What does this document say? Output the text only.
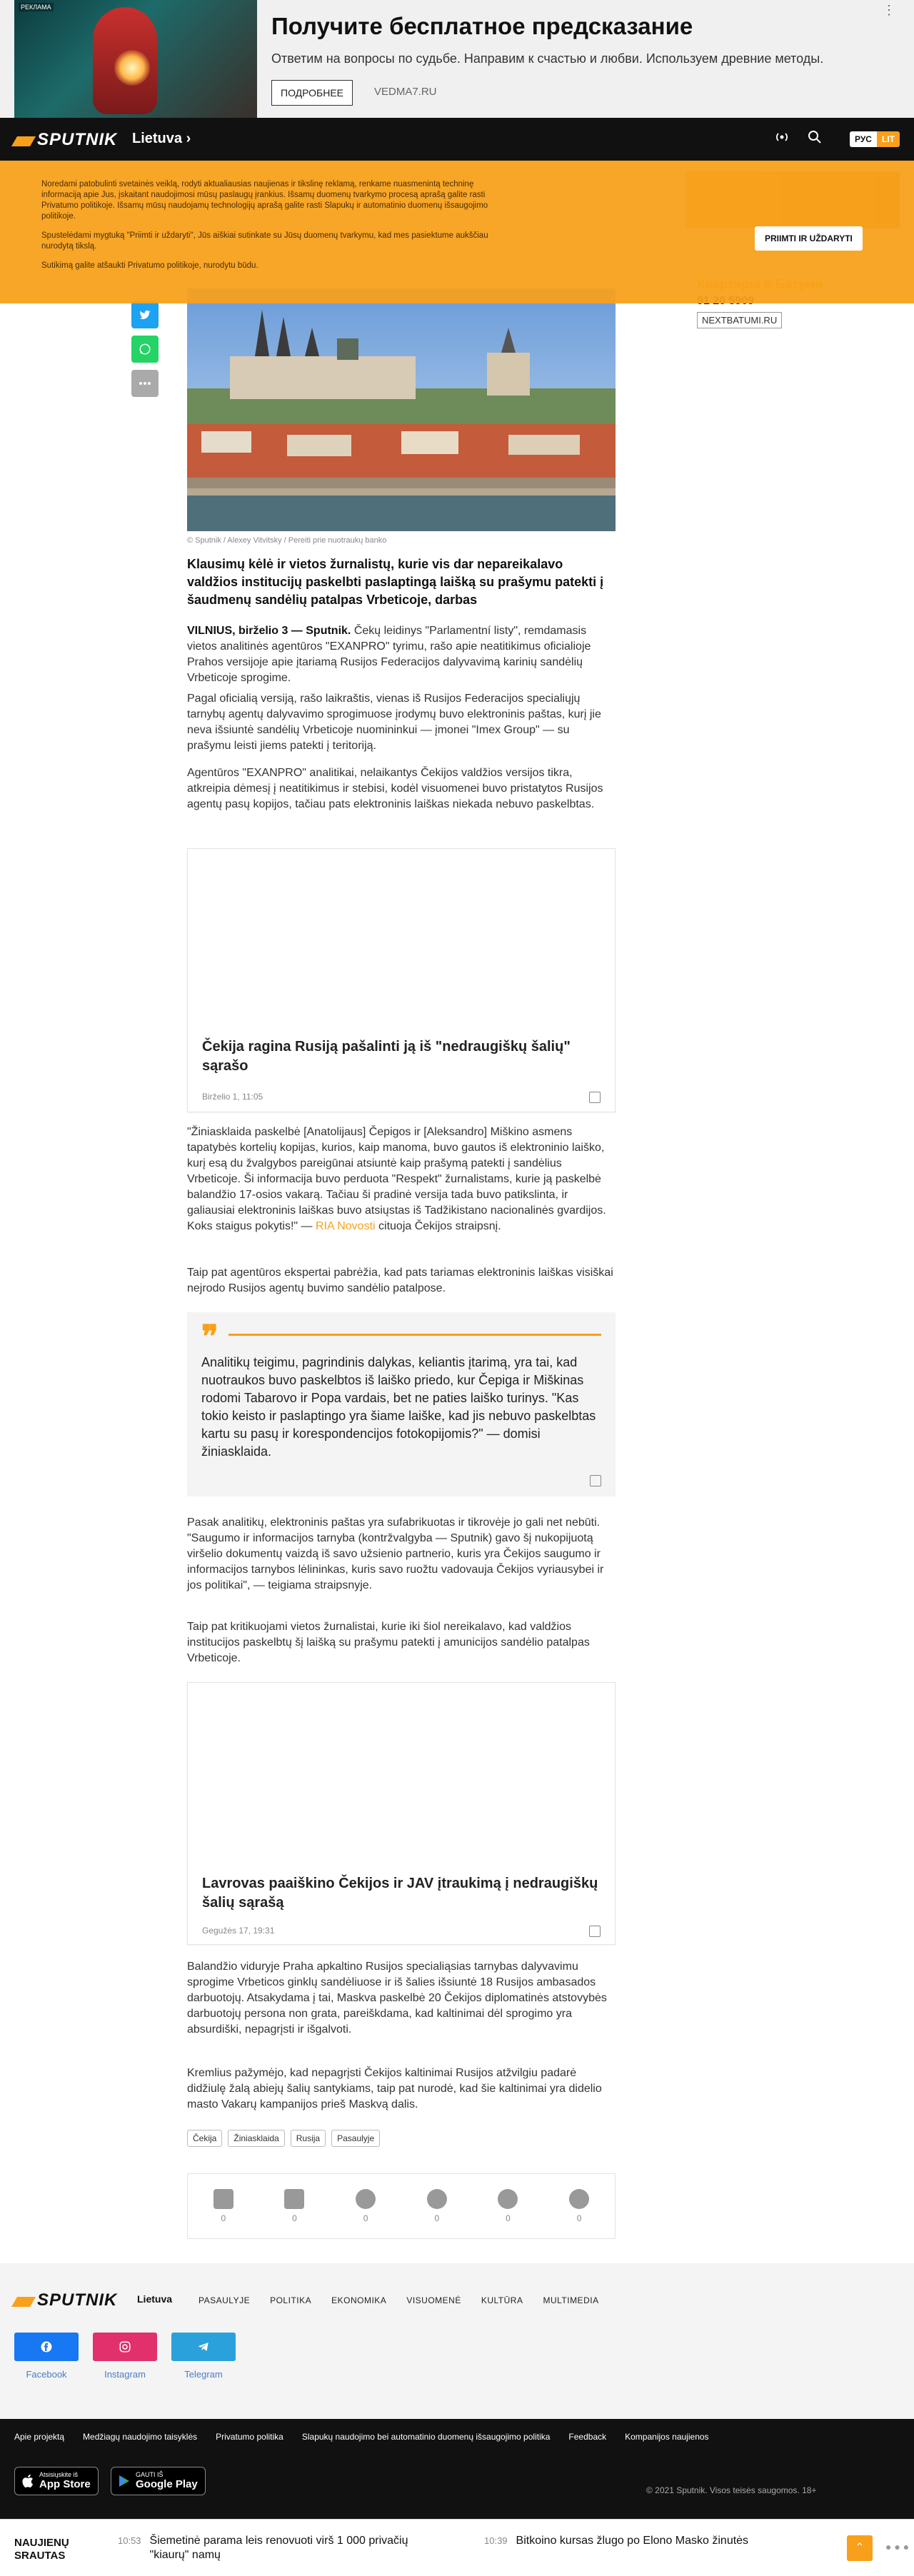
РЕКЛАМА
Получите бесплатное предсказание
Ответим на вопросы по судьбе. Направим к счастью и любви. Используем древние методы.
ПОДРОБНЕЕ	VEDMA7.RU
⋮
SPUTNIK Lietuva ›	РУС	LIT
NEXTBATUMI.RU
© Sputnik / Alexey Vitvitsky / Pereiti prie nuotraukų banko
Klausimų kėlė ir vietos žurnalistų, kurie vis dar nepareikalavo valdžios institucijų paskelbti paslaptingą laišką su prašymu patekti į šaudmenų sandėlių patalpas Vrbeticoje, darbas
VILNIUS, birželio 3 — Sputnik. Čekų leidinys "Parlamentní listy", remdamasis vietos analitinės agentūros "EXANPRO" tyrimu, rašo apie neatitikimus oficialioje Prahos versijoje apie įtariamą Rusijos Federacijos dalyvavimą karinių sandėlių Vrbeticoje sprogime.
Pagal oficialią versiją, rašo laikraštis, vienas iš Rusijos Federacijos specialiųjų tarnybų agentų dalyvavimo sprogimuose įrodymų buvo elektroninis paštas, kurį jie neva išsiuntė sandėlių Vrbeticoje nuomininkui — įmonei "Imex Group" — su prašymu leisti jiems patekti į teritoriją.
Agentūros "EXANPRO" analitikai, nelaikantys Čekijos valdžios versijos tikra, atkreipia dėmesį į neatitikimus ir stebisi, kodėl visuomenei buvo pristatytos Rusijos agentų pasų kopijos, tačiau pats elektroninis laiškas niekada nebuvo paskelbtas.
Čekija ragina Rusiją pašalinti ją iš "nedraugiškų šalių" sąrašo
Birželio 1, 11:05
"Žiniasklaida paskelbė [Anatolijaus] Čepigos ir [Aleksandro] Miškino asmens tapatybės kortelių kopijas, kurios, kaip manoma, buvo gautos iš elektroninio laiško, kurį esą du žvalgybos pareigūnai atsiuntė kaip prašymą patekti į sandėlius Vrbeticoje. Ši informacija buvo perduota "Respekt" žurnalistams, kurie ją paskelbė balandžio 17-osios vakarą. Tačiau ši pradinė versija tada buvo patikslinta, ir galiausiai elektroninis laiškas buvo atsiųstas iš Tadžikistano nacionalinės gvardijos. Koks staigus pokytis!" — RIA Novosti cituoja Čekijos straipsnį.
Taip pat agentūros ekspertai pabrėžia, kad pats tariamas elektroninis laiškas visiškai nejrodo Rusijos agentų buvimo sandėlio patalpose.
❞
Analitikų teigimu, pagrindinis dalykas, keliantis įtarimą, yra tai, kad nuotraukos buvo paskelbtos iš laiško priedo, kur Čepiga ir Miškinas rodomi Tabarovo ir Popa vardais, bet ne paties laiško turinys. "Kas tokio keisto ir paslaptingo yra šiame laiške, kad jis nebuvo paskelbtas kartu su pasų ir korespondencijos fotokopijomis?" — domisi žiniasklaida.
Pasak analitikų, elektroninis paštas yra sufabrikuotas ir tikrovėje jo gali net nebūti. "Saugumo ir informacijos tarnyba (kontržvalgyba — Sputnik) gavo šį nukopijuotą viršelio dokumentų vaizdą iš savo užsienio partnerio, kuris yra Čekijos saugumo ir informacijos tarnybos lėlininkas, kuris savo ruožtu vadovauja Čekijos vyriausybei ir jos politikai", — teigiama straipsnyje.
Taip pat kritikuojami vietos žurnalistai, kurie iki šiol nereikalavo, kad valdžios institucijos paskelbtų šį laišką su prašymu patekti į amunicijos sandėlio patalpas Vrbeticoje.
Lavrovas paaiškino Čekijos ir JAV įtraukimą į nedraugiškų šalių sąrašą
Gegužės 17, 19:31
Balandžio viduryje Praha apkaltino Rusijos specialiąsias tarnybas dalyvavimu sprogime Vrbeticos ginklų sandėliuose ir iš šalies išsiuntė 18 Rusijos ambasados darbuotojų. Atsakydama į tai, Maskva paskelbė 20 Čekijos diplomatinės atstovybės darbuotojų persona non grata, pareiškdama, kad kaltinimai dėl sprogimo yra absurdiški, nepagrįsti ir išgalvoti.
Kremlius pažymėjo, kad nepagrįsti Čekijos kaltinimai Rusijos atžvilgiu padarė didžiulę žalą abiejų šalių santykiams, taip pat nurodė, kad šie kaltinimai yra didelio masto Vakarų kampanijos prieš Maskvą dalis.
Čekija	Žiniasklaida	Rusija	Pasaulyje
0	0	0	0	0	0

Noredami patobulinti svetainės veiklą, rodyti aktualiausias naujienas ir tikslinę reklamą, renkame nuasmenintą techninę informaciją apie Jus, įskaitant naudojimosi mūsų paslaugų įrankius. Išsamų duomenų tvarkymo procesą aprašą galite rasti Privatumo politikoje. Išsamų mūsų naudojamų technologijų aprašą galite rasti Slapukų ir automatinio duomenų išsaugojimo politikoje.

Spustelėdami mygtuką "Priimti ir uždaryti", Jūs aiškiai sutinkate su Jūsų duomenų tvarkymu, kad mes pasiektume aukščiau nurodytą tikslą.

Sutikimą galite atšaukti Privatumo politikoje, nurodytu būdu.

PRIIMTI IR UŽDARYTI
SPUTNIK Lietuva	PASAULYJE POLITIKA EKONOMIKA VISUOMENĖ KULTŪRA MULTIMEDIA
Facebook	Instagram	Telegram
Apie projektą Medžiagų naudojimo taisyklės Privatumo politika Slapukų naudojimo bei automatinio duomenų išsaugojimo politika Feedback Kompanijos naujienos
Atsisiųskite iš
App Store
GAUTI IŠ
Google Play	© 2021 Sputnik. Visos teisės saugomos. 18+
NAUJIENŲ SRAUTAS
10:53 Šiemetinė parama leis renovuoti virš 1 000 privačių "kiaurų" namų
10:39 Bitkoino kursas žlugo po Elono Masko žinutės
⌃	● ● ●
